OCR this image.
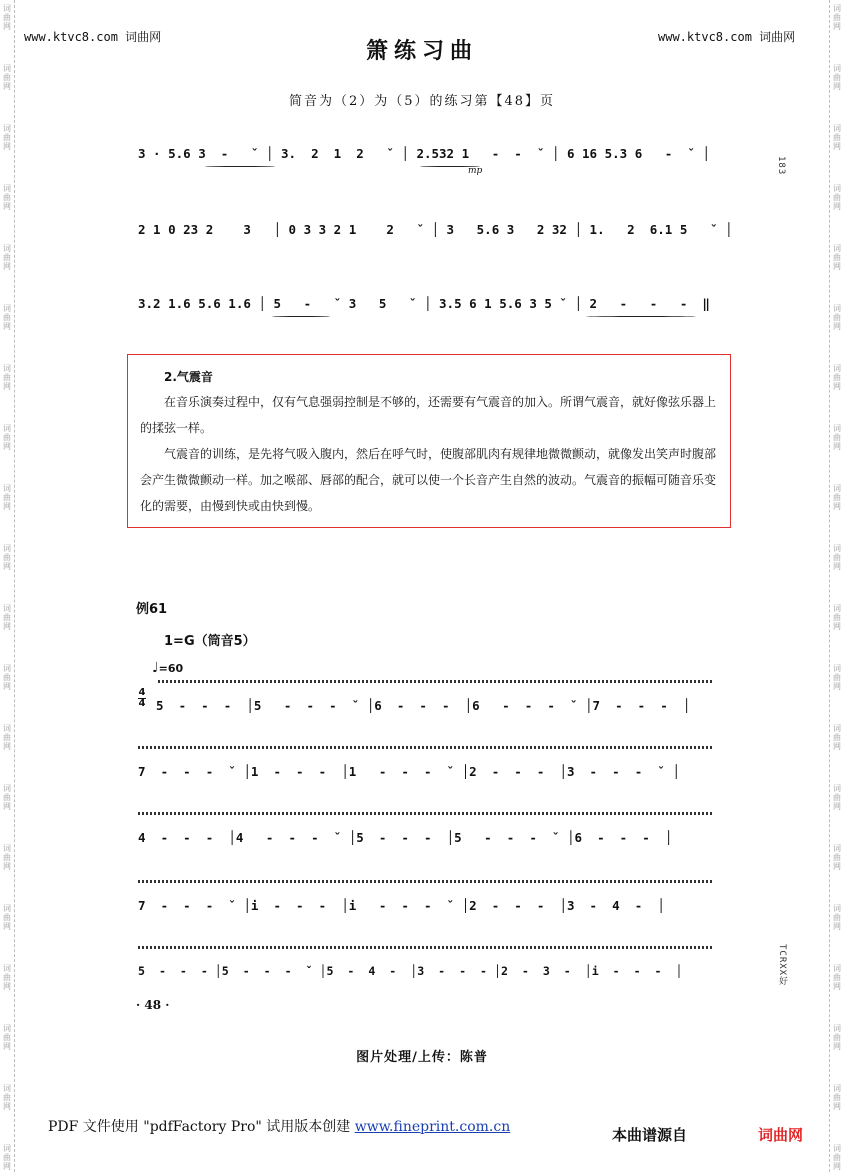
词
曲
网
词
曲
网
词
曲
网
词
曲
网
词
曲
网
词
曲
网
词
曲
网
词
曲
网
词
曲
网
词
曲
网
词
曲
网
词
曲
网
词
曲
网
词
曲
网
词
曲
网
词
曲
网
词
曲
网
词
曲
网
词
曲
网
词
曲
网
词
曲
网
词
曲
网
词
曲
网
词
曲
网
词
曲
网
词
曲
网
词
曲
网
词
曲
网
词
曲
网
词
曲
网
词
曲
网
词
曲
网
词
曲
网
词
曲
网
词
曲
网
词
曲
网
词
曲
网
词
曲
网
词
曲
网
词
曲
网
www.ktvc8.com 词曲网	www.ktvc8.com 词曲网
箫练习曲
简音为（2）为（5）的练习第【48】页
3 · 5.6 3  -   ˇ │ 3.  2  1  2   ˇ │ 2.532 1   -  -  ˇ │ 6 16 5.3 6   -  ˇ │
mp
2 1 0 23 2    3   │ 0 3 3 2 1    2   ˇ │ 3   5.6 3   2 32 │ 1.   2  6.1 5   ˇ │
3.2 1.6 5.6 1.6 │ 5   -   ˇ 3   5   ˇ │ 3.5 6 1 5.6 3 5 ˇ │ 2   -   -   -  ‖
183
2.气震音

在音乐演奏过程中，仅有气息强弱控制是不够的，还需要有气震音的加入。所谓气震音，就好像弦乐器上的揉弦一样。

气震音的训练，是先将气吸入腹内，然后在呼气时，使腹部肌肉有规律地微微颤动，就像发出笑声时腹部会产生微微颤动一样。加之喉部、唇部的配合，就可以使一个长音产生自然的波动。气震音的振幅可随音乐变化的需要，由慢到快或由快到慢。

例61
1=G（筒音5）
♩=60
4
4 5  -  -  -  │5   -  -  -  ˇ │6  -  -  -  │6   -  -  -  ˇ │7  -  -  -  │
7  -  -  -  ˇ │1  -  -  -  │1   -  -  -  ˇ │2  -  -  -  │3  -  -  -  ˇ │
4  -  -  -  │4   -  -  -  ˇ │5  -  -  -  │5   -  -  -  ˇ │6  -  -  -  │
7  -  -  -  ˇ │i  -  -  -  │i   -  -  -  ˇ │2  -  -  -  │3  -  4  -  │
5  -  -  - │5  -  -  -  ˇ │5  -  4  -  │3  -  -  - │2  -  3  -  │i  -  -  -  │	TCRXX好
· 48 ·
图片处理/上传：陈普
PDF 文件使用 "pdfFactory Pro" 试用版本创建 www.fineprint.com.cn	本曲谱源自	词曲网
